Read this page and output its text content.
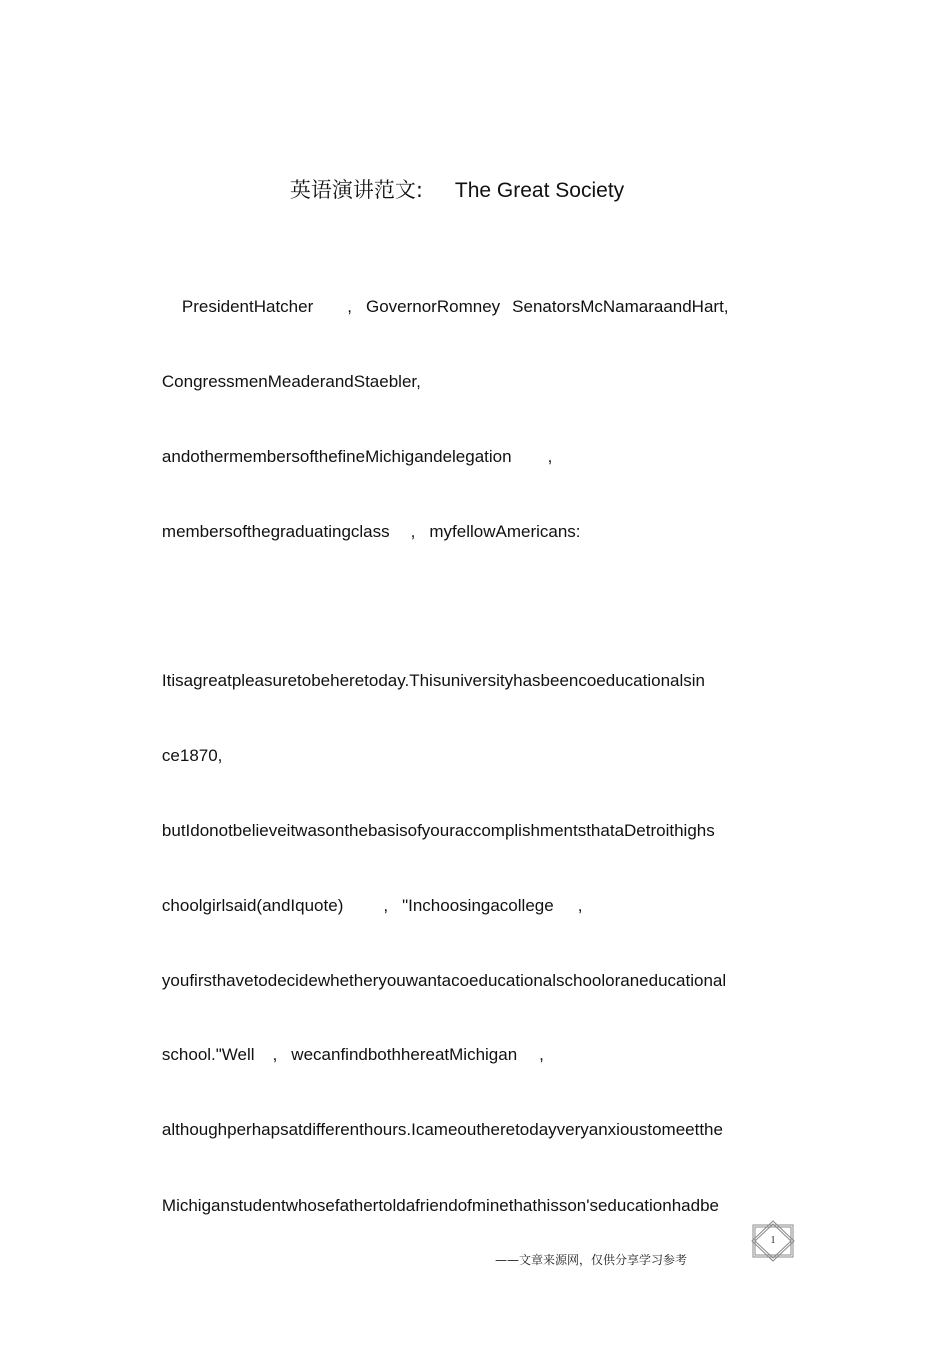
英语演讲范文: The Great Society

PresidentHatcher , GovernorRomney SenatorsMcNamaraandHart,

CongressmenMeaderandStaebler,

andothermembersofthefineMichigandelegation ,

membersofthegraduatingclass , myfellowAmericans:

Itisagreatpleasuretobeheretoday.Thisuniversityhasbeencoeducationalsin

ce1870,

butIdonotbelieveitwasonthebasisofyouraccomplishmentsthataDetroithighs

choolgirlsaid(andIquote) , "Inchoosingacollege ,

youfirsthavetodecidewhetheryouwantacoeducationalschooloraneducational

school."Well , wecanfindbothhereatMichigan ,

althoughperhapsatdifferenthours.Icameoutheretodayveryanxioustomeetthe

Michiganstudentwhosefathertoldafriendofminethathisson'seducationhadbe

——文章来源网，仅供分享学习参考
1
